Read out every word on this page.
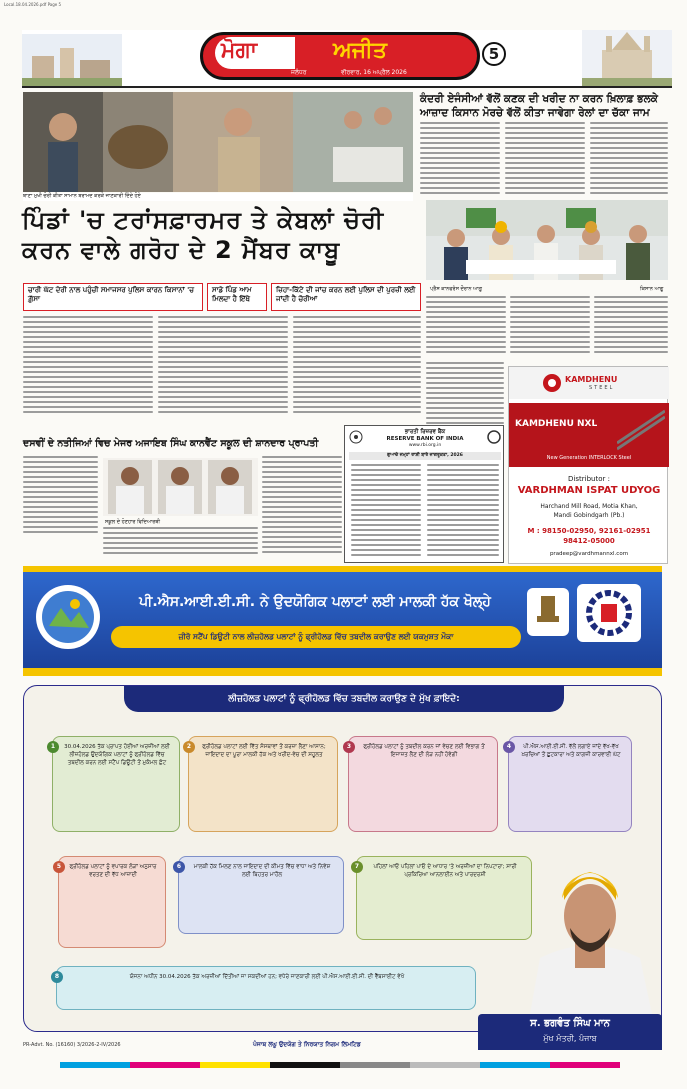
Local.18.04.2026.pdf Page 5
ਮੋਗਾ	ਅਜੀਤ
ਜਲੰਧਰ	ਵੀਰਵਾਰ, 16 ਅਪ੍ਰੈਲ 2026
5
ਥਾਣਾ ਮੁਖੀ ਚੋਰੀ ਕੀਤਾ ਸਾਮਾਨ ਬਰਾਮਦ ਕਰਕੇ ਜਾਣਕਾਰੀ ਦਿੰਦੇ ਹੋਏ
ਕੰਦਰੀ ਏਜੰਸੀਆਂ ਵੱਲੋਂ ਕਣਕ ਦੀ ਖਰੀਦ ਨਾ ਕਰਨ ਖ਼ਿਲਾਫ਼ ਭਲਕੇ
ਆਜ਼ਾਦ ਕਿਸਾਨ ਮੋਰਚੇ ਵੱਲੋਂ ਕੀਤਾ ਜਾਵੇਗਾ ਰੇਲਾਂ ਦਾ ਚੱਕਾ ਜਾਮ
ਪ੍ਰੈਸ ਕਾਨਫਰੰਸ ਦੌਰਾਨ ਆਗੂ	ਕਿਸਾਨ ਆਗੂ
ਪਿੰਡਾਂ 'ਚ ਟਰਾਂਸਫ਼ਾਰਮਰ ਤੇ ਕੇਬਲਾਂ ਚੋਰੀ
ਕਰਨ ਵਾਲੇ ਗਰੋਹ ਦੇ 2 ਮੈਂਬਰ ਕਾਬੂ
ਚਾਰੀ ਘੱਟ ਦੇਰੀ ਨਾਲ ਪਹੁੰਚੀ ਸਮਾਜਸਰ ਪੁਲਿਸ ਕਾਰਨ ਕਿਸਾਨਾਂ 'ਚ ਗ਼ੁੱਸਾ
ਸਾਡੇ ਪਿੰਡ ਆਮ ਮਿਲਦਾ ਹੈ ਇੱਥੇ
ਜ਼ਿਹਾ-ਕਿੱਟੇ ਦੀ ਜਾਂਚ ਕਰਨ ਲਈ ਪੁਲਿਸ ਦੀ ਪੁਰਜ਼ੀ ਲਈ ਜਾਂਦੀ ਹੈ ਚੋਰੀਆਂ
ਦਸਵੀਂ ਦੇ ਨਤੀਜਿਆਂ ਵਿਚ ਮੇਜਰ ਅਜਾਇਬ ਸਿੰਘ ਕਾਨਵੈਂਟ ਸਕੂਲ ਦੀ ਸ਼ਾਨਦਾਰ ਪ੍ਰਾਪਤੀ
ਸਕੂਲ ਦੇ ਹੋਣਹਾਰ ਵਿਦਿਆਰਥੀ
ਭਾਰਤੀ ਰਿਜ਼ਰਵ ਬੈਂਕ
RESERVE BANK OF INDIA
www.rbi.org.in
ਗੁਆਚੇ ਜਮ੍ਹਾਂ ਰਾਸ਼ੀ ਬਾਰੇ ਜਾਗਰੂਕਤਾ, 2026
KAMDHENU
STEEL
KAMDHENU NXL
New Generation INTERLOCK Steel
Distributor :
VARDHMAN ISPAT UDYOG
Harchand Mill Road, Motia Khan,
Mandi Gobindgarh (Pb.)
M : 98150-02950, 92161-02951
98412-05000
pradeep@vardhmannxl.com
ਪੀ.ਐਸ.ਆਈ.ਈ.ਸੀ. ਨੇ ਉਦਯੋਗਿਕ ਪਲਾਟਾਂ ਲਈ ਮਾਲਕੀ ਹੱਕ ਖੋਲ੍ਹੇ
ਜ਼ੀਰੋ ਸਟੈਂਪ ਡਿਊਟੀ ਨਾਲ ਲੀਜ਼ਹੋਲਡ ਪਲਾਟਾਂ ਨੂੰ ਫ੍ਰੀਹੋਲਡ ਵਿੱਚ ਤਬਦੀਲ ਕਰਾਉਣ ਲਈ ਯਕਮੁਸ਼ਤ ਮੌਕਾ
ਲੀਜ਼ਹੋਲਡ ਪਲਾਟਾਂ ਨੂੰ ਫ੍ਰੀਹੋਲਡ ਵਿੱਚ ਤਬਦੀਲ ਕਰਾਉਣ ਦੇ ਮੁੱਖ ਫ਼ਾਇਦੇ:
1	30.04.2026 ਤੱਕ ਪ੍ਰਾਪਤ ਹੋਈਆਂ ਅਰਜ਼ੀਆਂ ਲਈ ਲੀਜ਼ਹੋਲਡ ਉਦਯੋਗਿਕ ਪਲਾਟਾਂ ਨੂੰ ਫ੍ਰੀਹੋਲਡ ਵਿੱਚ ਤਬਦੀਲ ਕਰਨ ਲਈ ਸਟੈਂਪ ਡਿਊਟੀ ਤੋਂ ਮੁਕੰਮਲ ਛੋਟ
2	ਫ੍ਰੀਹੋਲਡ ਪਲਾਟਾਂ ਲਈ ਵਿੱਤ ਸੰਸਥਾਵਾਂ ਤੋਂ ਕਰਜ਼ਾ ਲੈਣਾ ਆਸਾਨ; ਜਾਇਦਾਦ ਦਾ ਪੂਰਾ ਮਾਲਕੀ ਹੱਕ ਅਤੇ ਖਰੀਦ-ਵੇਚ ਦੀ ਸਹੂਲਤ
3	ਫ੍ਰੀਹੋਲਡ ਪਲਾਟਾਂ ਨੂੰ ਤਬਦੀਲ ਕਰਨ ਜਾਂ ਵੇਚਣ ਲਈ ਵਿਭਾਗ ਤੋਂ ਇਜਾਜ਼ਤ ਲੈਣ ਦੀ ਲੋੜ ਨਹੀਂ ਹੋਵੇਗੀ
4	ਪੀ.ਐਸ.ਆਈ.ਈ.ਸੀ. ਵੱਲੋਂ ਲਗਾਏ ਜਾਂਦੇ ਵੱਖ-ਵੱਖ ਖ਼ਰਚਿਆਂ ਤੋਂ ਛੁਟਕਾਰਾ ਅਤੇ ਕਾਗਜ਼ੀ ਕਾਰਵਾਈ ਘੱਟ
5	ਫ੍ਰੀਹੋਲਡ ਪਲਾਟਾਂ ਨੂੰ ਵਪਾਰਕ ਲੋੜਾਂ ਅਨੁਸਾਰ ਵਰਤਣ ਦੀ ਵੱਧ ਆਜ਼ਾਦੀ
6	ਮਾਲਕੀ ਹੱਕ ਮਿਲਣ ਨਾਲ ਜਾਇਦਾਦ ਦੀ ਕੀਮਤ ਵਿੱਚ ਵਾਧਾ ਅਤੇ ਨਿਵੇਸ਼ ਲਈ ਬਿਹਤਰ ਮਾਹੌਲ
7	ਪਹਿਲਾਂ ਆਓ ਪਹਿਲਾਂ ਪਾਓ ਦੇ ਆਧਾਰ 'ਤੇ ਅਰਜ਼ੀਆਂ ਦਾ ਨਿਪਟਾਰਾ; ਸਾਰੀ ਪ੍ਰਕਿਰਿਆ ਆਨਲਾਈਨ ਅਤੇ ਪਾਰਦਰਸ਼ੀ
8	ਯੋਜਨਾ ਅਧੀਨ 30.04.2026 ਤੱਕ ਅਰਜ਼ੀਆਂ ਦਿੱਤੀਆਂ ਜਾ ਸਕਦੀਆਂ ਹਨ; ਵਧੇਰੇ ਜਾਣਕਾਰੀ ਲਈ ਪੀ.ਐਸ.ਆਈ.ਈ.ਸੀ. ਦੀ ਵੈੱਬਸਾਈਟ ਵੇਖੋ
ਸ. ਭਗਵੰਤ ਸਿੰਘ ਮਾਨ
ਮੁੱਖ ਮੰਤਰੀ, ਪੰਜਾਬ
PR-Advt. No. (16160) 3/2026-2-IV/2026	ਪੰਜਾਬ ਲਘੂ ਉਦਯੋਗ ਤੇ ਨਿਰਯਾਤ ਨਿਗਮ ਲਿਮਟਿਡ
